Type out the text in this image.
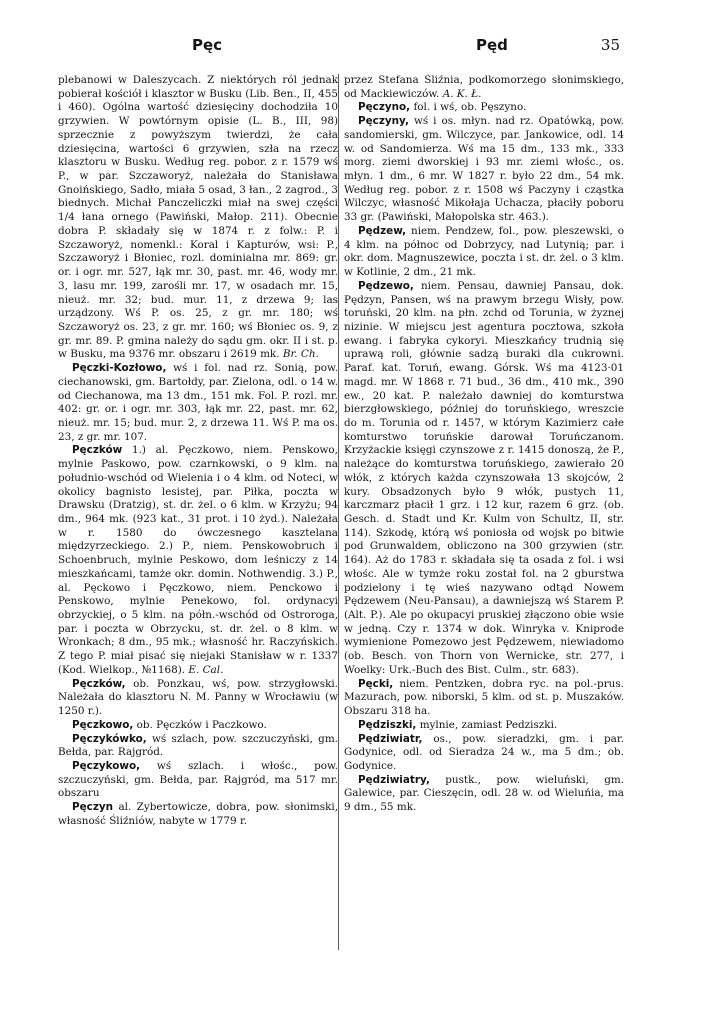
Pęc	Pęd	35

plebanowi w Daleszycach. Z niektórych ról jednak pobierał kościół i klasztor w Busku (Lib. Ben., II, 455 i 460). Ogólna wartość dziesięciny dochodziła 10 grzywien. W powtórnym opisie (L. B., III, 98) sprzecznie z powyższym twierdzi, że cała dziesięcina, wartości 6 grzywien, szła na rzecz klasztoru w Busku. Według reg. pobor. z r. 1579 wś P., w par. Szczaworyż, należała do Stanisława Gnoińskiego, Sadło, miała 5 osad, 3 łan., 2 zagrod., 3 biednych. Michał Panczeliczki miał na swej części 1/4 łana ornego (Pawiński, Małop. 211). Obecnie dobra P. składały się w 1874 r. z folw.: P. i Szczaworyż, nomenkl.: Koral i Kapturów, wsi: P., Szczaworyż i Błoniec, rozl. dominialna mr. 869: gr. or. i ogr. mr. 527, łąk mr. 30, past. mr. 46, wody mr. 3, lasu mr. 199, zarośli mr. 17, w osadach mr. 15, nieuż. mr. 32; bud. mur. 11, z drzewa 9; las urządzony. Wś P. os. 25, z gr. mr. 180; wś Szczaworyż os. 23, z gr. mr. 160; wś Błoniec os. 9, z gr. mr. 89. P. gmina należy do sądu gm. okr. II i st. p. w Busku, ma 9376 mr. obszaru i 2619 mk. Br. Ch.

Pęczki-Kozłowo, wś i fol. nad rz. Sonią, pow. ciechanowski, gm. Bartołdy, par. Zielona, odl. o 14 w. od Ciechanowa, ma 13 dm., 151 mk. Fol. P. rozl. mr. 402: gr. or. i ogr. mr. 303, łąk mr. 22, past. mr. 62, nieuż. mr. 15; bud. mur. 2, z drzewa 11. Wś P. ma os. 23, z gr. mr. 107.

Pęczków 1.) al. Pęczkowo, niem. Penskowo, mylnie Paskowo, pow. czarnkowski, o 9 klm. na południo-wschód od Wielenia i o 4 klm. od Noteci, w okolicy bagnisto lesistej, par. Piłka, poczta w Drawsku (Dratzig), st. dr. żel. o 6 klm. w Krzyżu; 94 dm., 964 mk. (923 kat., 31 prot. i 10 żyd.). Należała w r. 1580 do ówczesnego kasztelana międzyrzeckiego. 2.) P., niem. Penskowobruch i Schoenbruch, mylnie Peskowo, dom leśniczy z 14 mieszkańcami, tamże okr. domin. Nothwendig. 3.) P., al. Pęckowo i Pęczkowo, niem. Penckowo i Penskowo, mylnie Penekowo, fol. ordynacyi obrzyckiej, o 5 klm. na półn.-wschód od Ostroroga, par. i poczta w Obrzycku, st. dr. żel. o 8 klm. w Wronkach; 8 dm., 95 mk.; własność hr. Raczyńskich. Z tego P. miał pisać się niejaki Stanisław w r. 1337 (Kod. Wielkop., №1168). E. Cal.

Pęczków, ob. Ponzkau, wś, pow. strzygłowski. Należała do klasztoru N. M. Panny w Wrocławiu (w 1250 r.).

Pęczkowo, ob. Pęczków i Paczkowo.

Pęczykówko, wś szlach, pow. szczuczyński, gm. Bełda, par. Rajgród.

Pęczykowo, wś szlach. i włośc., pow. szczuczyński, gm. Bełda, par. Rajgród, ma 517 mr. obszaru

Pęczyn al. Zybertowicze, dobra, pow. słonimski, własność Śliźniów, nabyte w 1779 r.

przez Stefana Śliźnia, podkomorzego słonimskiego, od Mackiewiczów. A. K. Ł.

Pęczyno, fol. i wś, ob. Pęszyno.

Pęczyny, wś i os. młyn. nad rz. Opatówką, pow. sandomierski, gm. Wilczyce, par. Jankowice, odl. 14 w. od Sandomierza. Wś ma 15 dm., 133 mk., 333 morg. ziemi dworskiej i 93 mr. ziemi włośc., os. młyn. 1 dm., 6 mr. W 1827 r. było 22 dm., 54 mk. Według reg. pobor. z r. 1508 wś Paczyny i cząstka Wilczyc, własność Mikołaja Uchacza, płaciły poboru 33 gr. (Pawiński, Małopolska str. 463.).

Pędzew, niem. Pendzew, fol., pow. pleszewski, o 4 klm. na północ od Dobrzycy, nad Lutynią; par. i okr. dom. Magnuszewice, poczta i st. dr. żel. o 3 klm. w Kotlinie, 2 dm., 21 mk.

Pędzewo, niem. Pensau, dawniej Pansau, dok. Pędzyn, Pansen, wś na prawym brzegu Wisły, pow. toruński, 20 klm. na płn. zchd od Torunia, w żyznej nizinie. W miejscu jest agentura pocztowa, szkoła ewang. i fabryka cykoryi. Mieszkańcy trudnią się uprawą roli, głównie sadzą buraki dla cukrowni. Paraf. kat. Toruń, ewang. Górsk. Wś ma 4123·01 magd. mr. W 1868 r. 71 bud., 36 dm., 410 mk., 390 ew., 20 kat. P. należało dawniej do komturstwa bierzgłowskiego, później do toruńskiego, wreszcie do m. Torunia od r. 1457, w którym Kazimierz całe komturstwo toruńskie darował Toruńczanom. Krzyżackie księgi czynszowe z r. 1415 donoszą, że P., należące do komturstwa toruńskiego, zawierało 20 włók, z których każda czynszowała 13 skojców, 2 kury. Obsadzonych było 9 włók, pustych 11, karczmarz płacił 1 grz. i 12 kur, razem 6 grz. (ob. Gesch. d. Stadt und Kr. Kulm von Schultz, II, str. 114). Szkodę, którą wś poniosła od wojsk po bitwie pod Grunwaldem, obliczono na 300 grzywien (str. 164). Aż do 1783 r. składała się ta osada z fol. i wsi włośc. Ale w tymże roku został fol. na 2 gburstwa podzielony i tę wieś nazywano odtąd Nowem Pędzewem (Neu-Pansau), a dawniejszą wś Starem P. (Alt. P.). Ale po okupacyi pruskiej złączono obie wsie w jedną. Czy r. 1374 w dok. Winryka v. Kniprode wymienione Pomezowo jest Pędzewem, niewiadomo (ob. Besch. von Thorn von Wernicke, str. 277, i Woelky: Urk.-Buch des Bist. Culm., str. 683).

Pęcki, niem. Pentzken, dobra ryc. na pol.-prus. Mazurach, pow. niborski, 5 klm. od st. p. Muszaków. Obszaru 318 ha.

Pędziszki, mylnie, zamiast Pedziszki.

Pędziwiatr, os., pow. sieradzki, gm. i par. Godynice, odl. od Sieradza 24 w., ma 5 dm.; ob. Godynice.

Pędziwiatry, pustk., pow. wieluński, gm. Galewice, par. Cieszęcin, odl. 28 w. od Wieluńia, ma 9 dm., 55 mk.
